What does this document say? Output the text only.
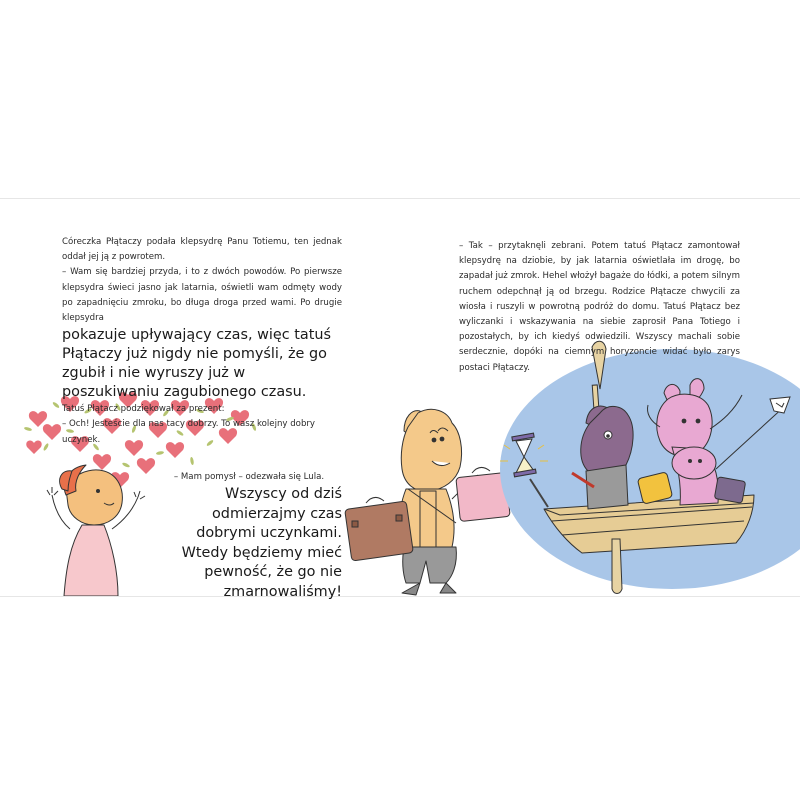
Córeczka Płątaczy podała klepsydrę Panu Totiemu, ten jednak oddał jej ją z powrotem.

– Wam się bardziej przyda, i to z dwóch powodów. Po pierwsze klepsydra świeci jasno jak latarnia, oświetli wam odmęty wody po zapadnięciu zmroku, bo długa droga przed wami. Po drugie klepsydra

pokazuje upływający czas, więc tatuś Płątaczy już nigdy nie pomyśli, że go zgubił i nie wyruszy już w poszukiwaniu zagubionego czasu.

Tatuś Płątacz podziękował za prezent:

– Och! Jesteście dla nas tacy dobrzy. To wasz kolejny dobry uczynek.

– Mam pomysł – odezwała się Lula.
Wszyscy od dziś odmierzajmy czas dobrymi uczynkami. Wtedy będziemy mieć pewność, że go nie zmarnowaliśmy!

– Tak – przytaknęli zebrani. Potem tatuś Płątacz zamontował klepsydrę na dziobie, by jak latarnia oświetlała im drogę, bo zapadał już zmrok. Hehel włożył bagaże do łódki, a potem silnym ruchem odepchnął ją od brzegu. Rodzice Płątacze chwycili za wiosła i ruszyli w powrotną podróż do domu. Tatuś Płątacz bez wyliczanki i wskazywania na siebie zaprosił Pana Totiego i pozostałych, by ich kiedyś odwiedzili. Wszyscy machali sobie serdecznie, dopóki na ciemnym horyzoncie widać było zarys postaci Płątaczy.
